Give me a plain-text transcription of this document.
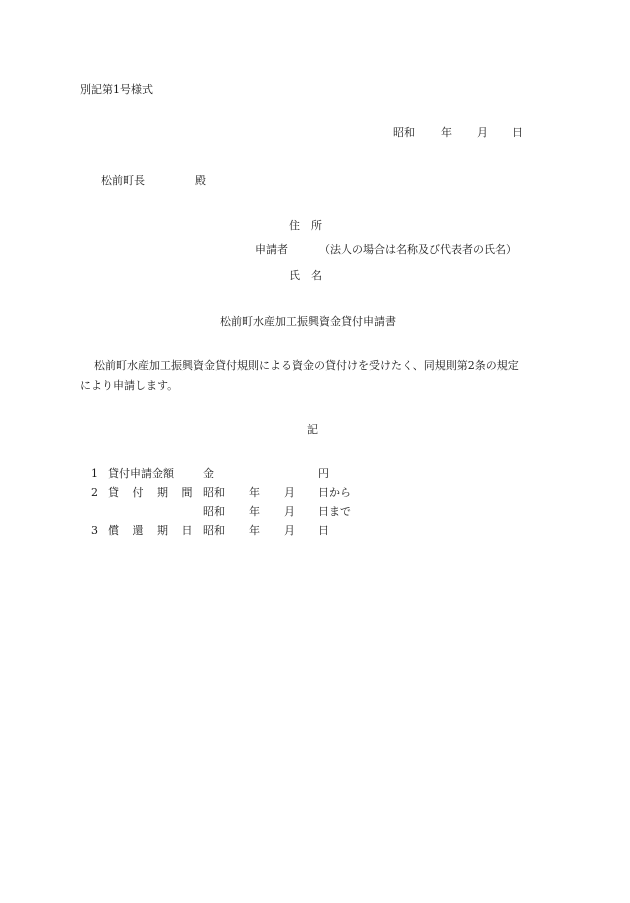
別記第1号様式
昭和 年 月 日
松前町長	殿
住　所
申請者	（法人の場合は名称及び代表者の氏名）
氏　名
松前町水産加工振興資金貸付申請書
松前町水産加工振興資金貸付規則による資金の貸付けを受けたく、同規則第2条の規定
により申請します。
記
1 貸付申請金額	金	円
2 貸 付 期 間 昭和 年 月 日から
昭和 年 月 日まで
3 償 還 期 日 昭和 年 月 日
